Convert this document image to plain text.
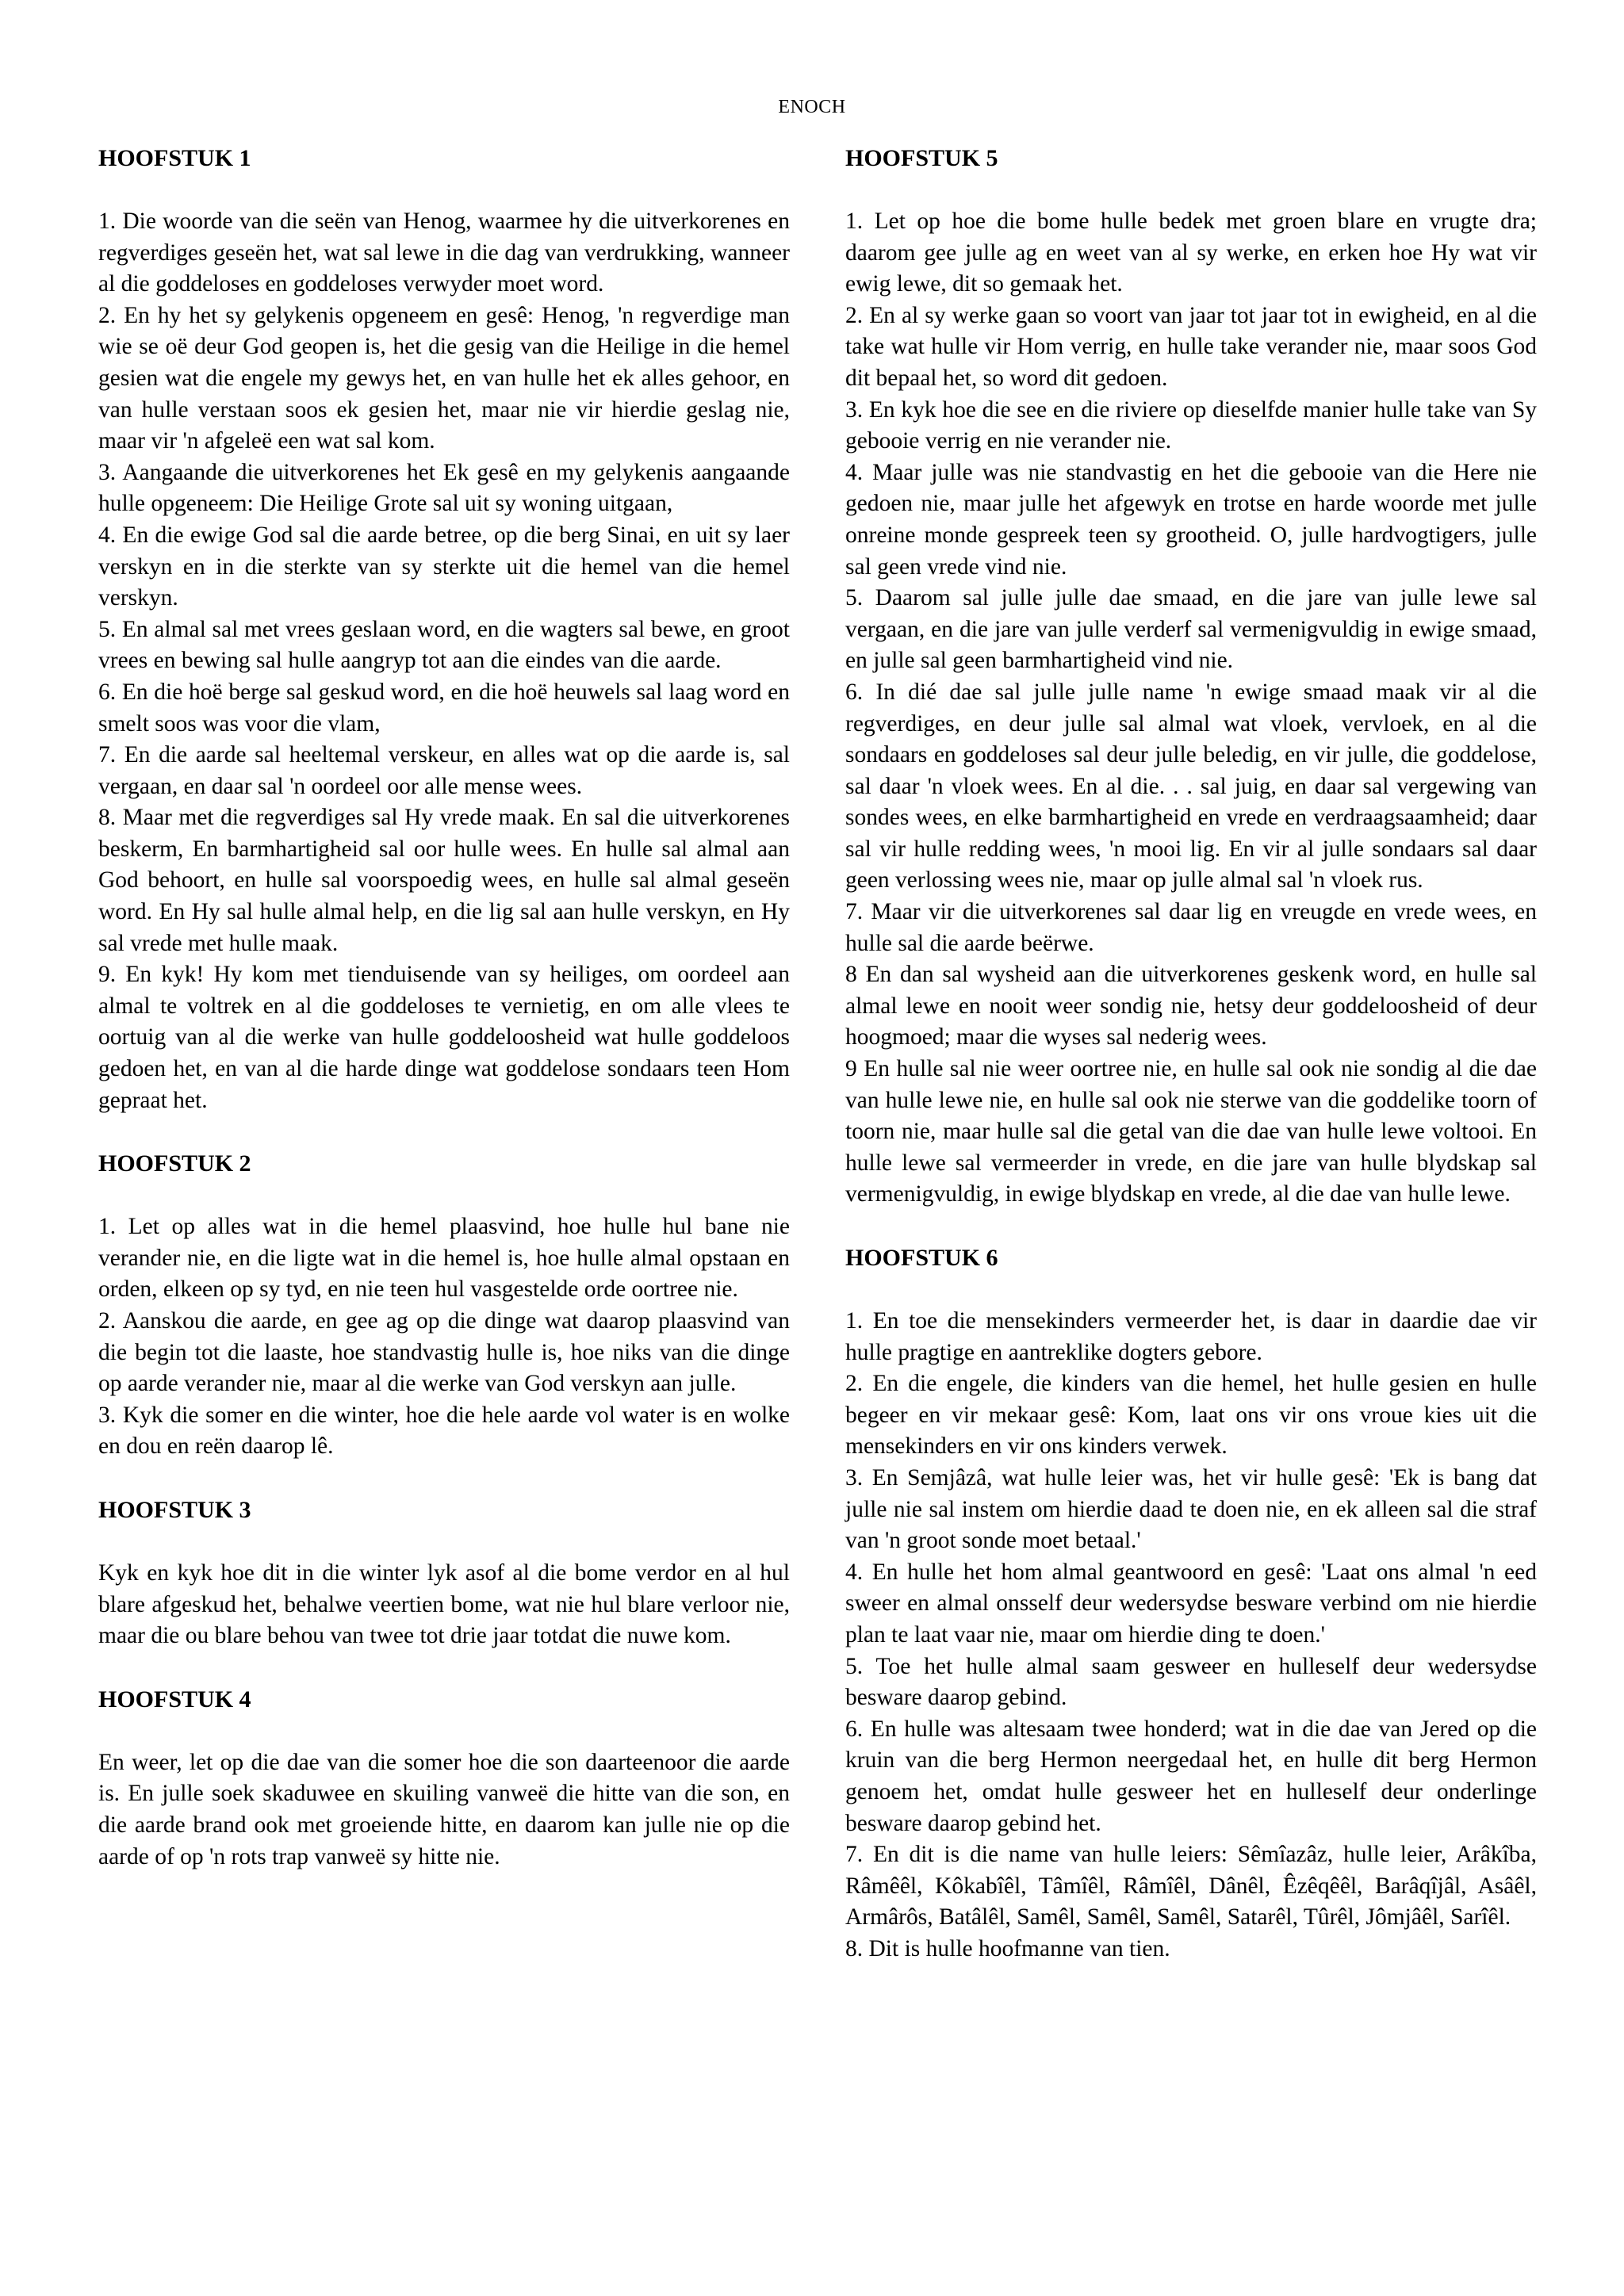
ENOCH
HOOFSTUK 1

1. Die woorde van die seën van Henog, waarmee hy die uitverkorenes en regverdiges geseën het, wat sal lewe in die dag van verdrukking, wanneer al die goddeloses en goddeloses verwyder moet word.

2. En hy het sy gelykenis opgeneem en gesê: Henog, 'n regverdige man wie se oë deur God geopen is, het die gesig van die Heilige in die hemel gesien wat die engele my gewys het, en van hulle het ek alles gehoor, en van hulle verstaan soos ek gesien het, maar nie vir hierdie geslag nie, maar vir 'n afgeleë een wat sal kom.

3. Aangaande die uitverkorenes het Ek gesê en my gelykenis aangaande hulle opgeneem: Die Heilige Grote sal uit sy woning uitgaan,

4. En die ewige God sal die aarde betree, op die berg Sinai, en uit sy laer verskyn en in die sterkte van sy sterkte uit die hemel van die hemel verskyn.

5. En almal sal met vrees geslaan word, en die wagters sal bewe, en groot vrees en bewing sal hulle aangryp tot aan die eindes van die aarde.

6. En die hoë berge sal geskud word, en die hoë heuwels sal laag word en smelt soos was voor die vlam,

7. En die aarde sal heeltemal verskeur, en alles wat op die aarde is, sal vergaan, en daar sal 'n oordeel oor alle mense wees.

8. Maar met die regverdiges sal Hy vrede maak. En sal die uitverkorenes beskerm, En barmhartigheid sal oor hulle wees. En hulle sal almal aan God behoort, en hulle sal voorspoedig wees, en hulle sal almal geseën word. En Hy sal hulle almal help, en die lig sal aan hulle verskyn, en Hy sal vrede met hulle maak.

9. En kyk! Hy kom met tienduisende van sy heiliges, om oordeel aan almal te voltrek en al die goddeloses te vernietig, en om alle vlees te oortuig van al die werke van hulle goddeloosheid wat hulle goddeloos gedoen het, en van al die harde dinge wat goddelose sondaars teen Hom gepraat het.

HOOFSTUK 2

1. Let op alles wat in die hemel plaasvind, hoe hulle hul bane nie verander nie, en die ligte wat in die hemel is, hoe hulle almal opstaan en orden, elkeen op sy tyd, en nie teen hul vasgestelde orde oortree nie.

2. Aanskou die aarde, en gee ag op die dinge wat daarop plaasvind van die begin tot die laaste, hoe standvastig hulle is, hoe niks van die dinge op aarde verander nie, maar al die werke van God verskyn aan julle.

3. Kyk die somer en die winter, hoe die hele aarde vol water is en wolke en dou en reën daarop lê.

HOOFSTUK 3

Kyk en kyk hoe dit in die winter lyk asof al die bome verdor en al hul blare afgeskud het, behalwe veertien bome, wat nie hul blare verloor nie, maar die ou blare behou van twee tot drie jaar totdat die nuwe kom.

HOOFSTUK 4

En weer, let op die dae van die somer hoe die son daarteenoor die aarde is. En julle soek skaduwee en skuiling vanweë die hitte van die son, en die aarde brand ook met groeiende hitte, en daarom kan julle nie op die aarde of op 'n rots trap vanweë sy hitte nie.

HOOFSTUK 5

1. Let op hoe die bome hulle bedek met groen blare en vrugte dra; daarom gee julle ag en weet van al sy werke, en erken hoe Hy wat vir ewig lewe, dit so gemaak het.

2. En al sy werke gaan so voort van jaar tot jaar tot in ewigheid, en al die take wat hulle vir Hom verrig, en hulle take verander nie, maar soos God dit bepaal het, so word dit gedoen.

3. En kyk hoe die see en die riviere op dieselfde manier hulle take van Sy gebooie verrig en nie verander nie.

4. Maar julle was nie standvastig en het die gebooie van die Here nie gedoen nie, maar julle het afgewyk en trotse en harde woorde met julle onreine monde gespreek teen sy grootheid. O, julle hardvogtigers, julle sal geen vrede vind nie.

5. Daarom sal julle julle dae smaad, en die jare van julle lewe sal vergaan, en die jare van julle verderf sal vermenigvuldig in ewige smaad, en julle sal geen barmhartigheid vind nie.

6. In dié dae sal julle julle name 'n ewige smaad maak vir al die regverdiges, en deur julle sal almal wat vloek, vervloek, en al die sondaars en goddeloses sal deur julle beledig, en vir julle, die goddelose, sal daar 'n vloek wees. En al die. . . sal juig, en daar sal vergewing van sondes wees, en elke barmhartigheid en vrede en verdraagsaamheid; daar sal vir hulle redding wees, 'n mooi lig. En vir al julle sondaars sal daar geen verlossing wees nie, maar op julle almal sal 'n vloek rus.

7. Maar vir die uitverkorenes sal daar lig en vreugde en vrede wees, en hulle sal die aarde beërwe.

8 En dan sal wysheid aan die uitverkorenes geskenk word, en hulle sal almal lewe en nooit weer sondig nie, hetsy deur goddeloosheid of deur hoogmoed; maar die wyses sal nederig wees.

9 En hulle sal nie weer oortree nie, en hulle sal ook nie sondig al die dae van hulle lewe nie, en hulle sal ook nie sterwe van die goddelike toorn of toorn nie, maar hulle sal die getal van die dae van hulle lewe voltooi. En hulle lewe sal vermeerder in vrede, en die jare van hulle blydskap sal vermenigvuldig, in ewige blydskap en vrede, al die dae van hulle lewe.

HOOFSTUK 6

1. En toe die mensekinders vermeerder het, is daar in daardie dae vir hulle pragtige en aantreklike dogters gebore.

2. En die engele, die kinders van die hemel, het hulle gesien en hulle begeer en vir mekaar gesê: Kom, laat ons vir ons vroue kies uit die mensekinders en vir ons kinders verwek.

3. En Semjâzâ, wat hulle leier was, het vir hulle gesê: 'Ek is bang dat julle nie sal instem om hierdie daad te doen nie, en ek alleen sal die straf van 'n groot sonde moet betaal.'

4. En hulle het hom almal geantwoord en gesê: 'Laat ons almal 'n eed sweer en almal onsself deur wedersydse besware verbind om nie hierdie plan te laat vaar nie, maar om hierdie ding te doen.'

5. Toe het hulle almal saam gesweer en hulleself deur wedersydse besware daarop gebind.

6. En hulle was altesaam twee honderd; wat in die dae van Jered op die kruin van die berg Hermon neergedaal het, en hulle dit berg Hermon genoem het, omdat hulle gesweer het en hulleself deur onderlinge besware daarop gebind het.

7. En dit is die name van hulle leiers: Sêmîazâz, hulle leier, Arâkîba, Râmêêl, Kôkabîêl, Tâmîêl, Râmîêl, Dânêl, Êzêqêêl, Barâqîjâl, Asâêl, Armârôs, Batâlêl, Samêl, Samêl, Samêl, Satarêl, Tûrêl, Jômjâêl, Sarîêl.

8. Dit is hulle hoofmanne van tien.
